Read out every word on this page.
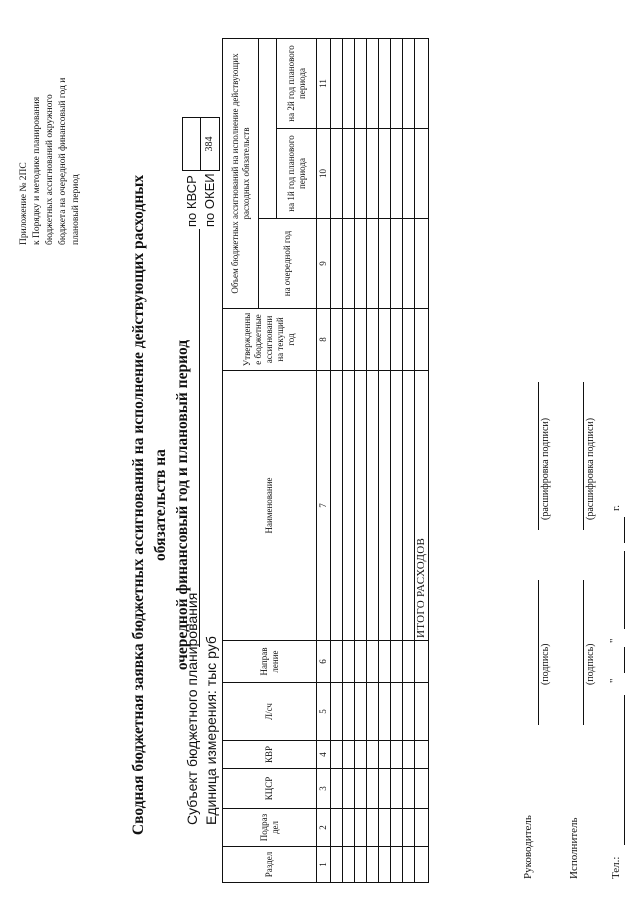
Приложение № 2ПС к Порядку и методике планирования бюджетных ассигнований окружного бюджета на очередной финансовый год и плановый период	Сводная бюджетная заявка бюджетных ассигнований на исполнение действующих расходных обязательств на очередной финансовый год и плановый период
Субъект бюджетного планирования Единица измерения: тыс руб
по КВСР по ОКЕИ
384
Раздел	Подраз дел	КЦСР	КВР	Л/сч	Направ ление	Наименование	Утвержденны е бюджетные ассигновани на текущий год	Объем бюджетных ассигнований на исполнение действующих расходных обязательств		
								на очередной год		
									на 1й год планового периода	на 2й год планового периода
1	2	3	4	5	6	7	8	9	10	11

						ИТОГО РАСХОДОВ				
Руководитель
(подпись)
(расшифровка подписи)
Исполнитель
(подпись)
(расшифровка подписи)
Тел.:
"
"
г.
